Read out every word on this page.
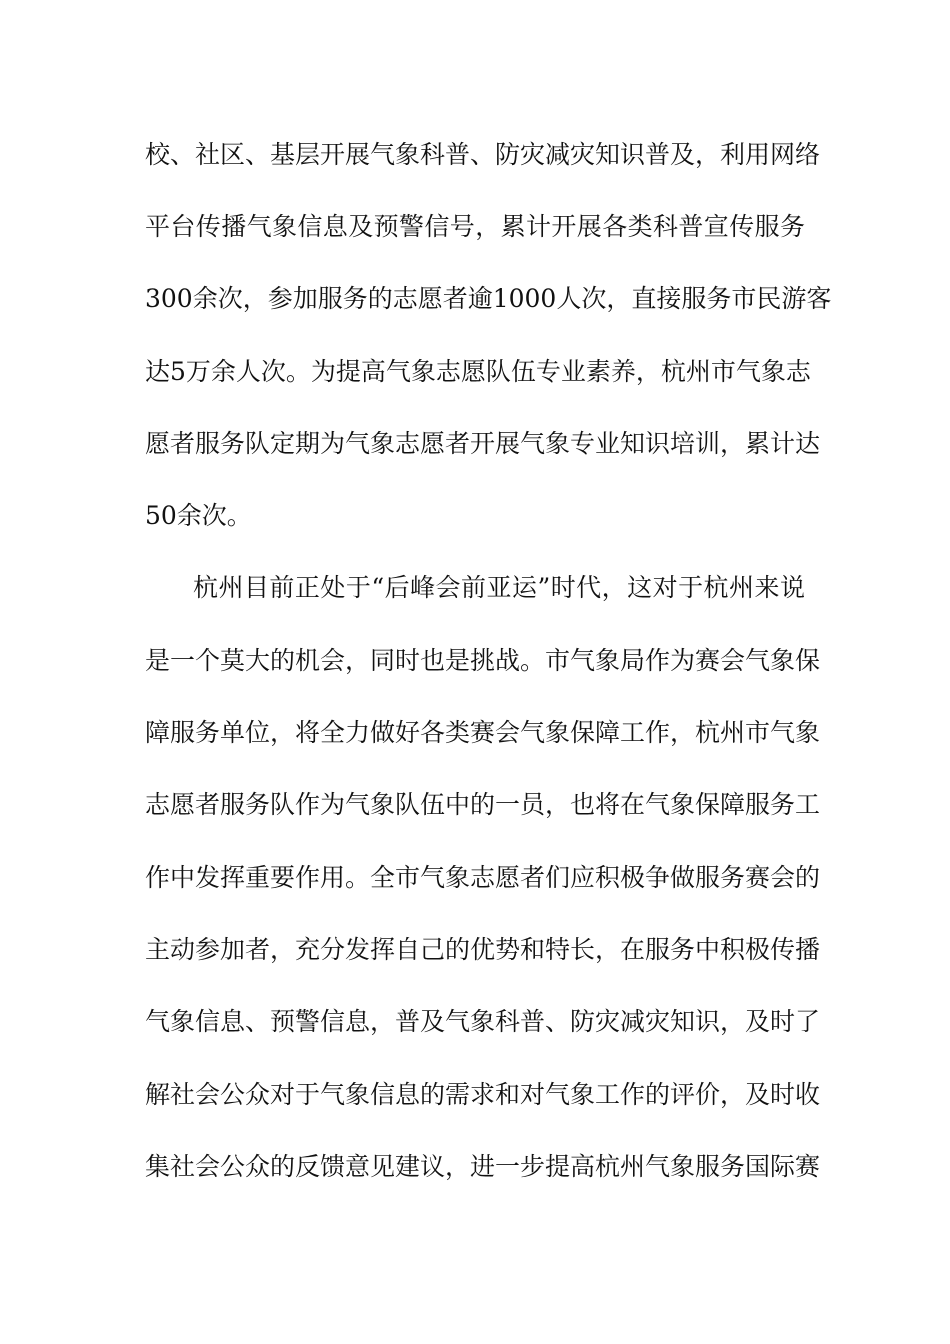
校、社区、基层开展气象科普、防灾减灾知识普及，利用网络
平台传播气象信息及预警信号，累计开展各类科普宣传服务
300余次，参加服务的志愿者逾1000人次，直接服务市民游客
达5万余人次。为提高气象志愿队伍专业素养，杭州市气象志
愿者服务队定期为气象志愿者开展气象专业知识培训，累计达
50余次。
杭州目前正处于“后峰会前亚运”时代，这对于杭州来说
是一个莫大的机会，同时也是挑战。市气象局作为赛会气象保
障服务单位，将全力做好各类赛会气象保障工作，杭州市气象
志愿者服务队作为气象队伍中的一员，也将在气象保障服务工
作中发挥重要作用。全市气象志愿者们应积极争做服务赛会的
主动参加者，充分发挥自己的优势和特长，在服务中积极传播
气象信息、预警信息，普及气象科普、防灾减灾知识，及时了
解社会公众对于气象信息的需求和对气象工作的评价，及时收
集社会公众的反馈意见建议，进一步提高杭州气象服务国际赛
